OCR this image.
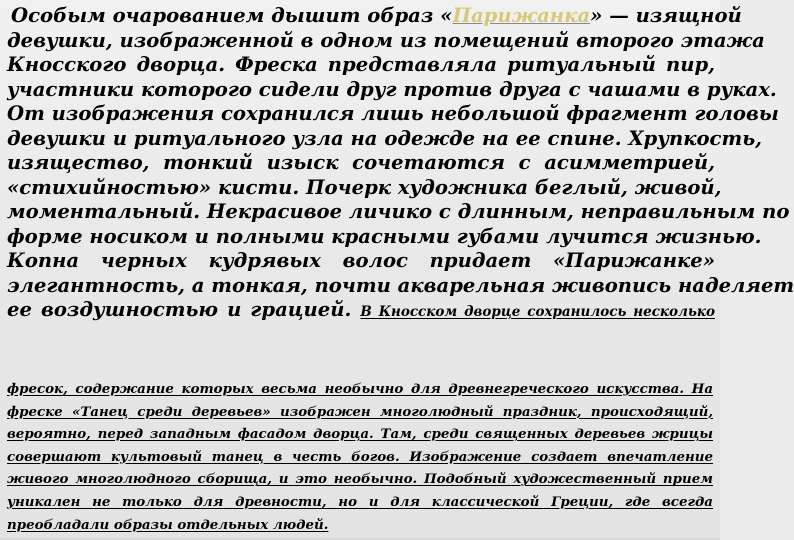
Особым очарованием дышит образ «Парижанка» — изящной
девушки, изображенной в одном из помещений второго этажа
Кносского дворца. Фреска представляла ритуальный пир,
участники которого сидели друг против друга с чашами в руках.
От изображения сохранился лишь небольшой фрагмент головы
девушки и ритуального узла на одежде на ее спине. Хрупкость,
изящество, тонкий изыск сочетаются с асимметрией,
«стихийностью» кисти. Почерк художника беглый, живой,
моментальный. Некрасивое личико с длинным, неправильным по
форме носиком и полными красными губами лучится жизнью.
Копна черных кудрявых волос придает «Парижанке»
элегантность, а тонкая, почти акварельная живопись наделяет
ее воздушностью и грацией. В Кносском дворце сохранилось несколько
фресок, содержание которых весьма необычно для древнегреческого искусства. На
фреске «Танец среди деревьев» изображен многолюдный праздник, происходящий,
вероятно, перед западным фасадом дворца. Там, среди священных деревьев жрицы
совершают культовый танец в честь богов. Изображение создает впечатление
живого многолюдного сборища, и это необычно. Подобный художественный прием
уникален не только для древности, но и для классической Греции, где всегда
преобладали образы отдельных людей.
